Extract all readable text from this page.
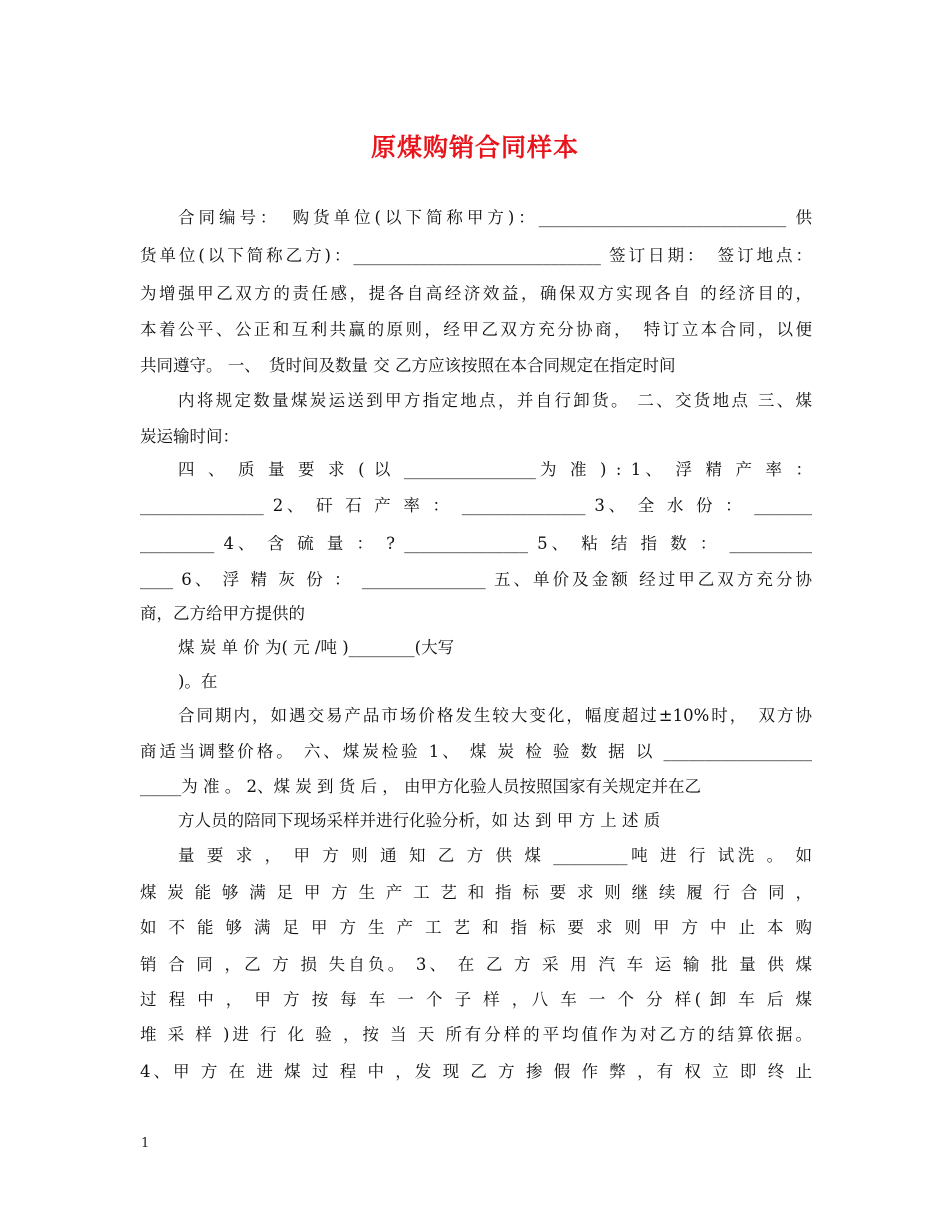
原煤购销合同样本
合同编号：　购货单位(以下简称甲方)：______________________________ 供
货单位(以下简称乙方)：______________________________ 签订日期：　签订地点：
为增强甲乙双方的责任感，提各自高经济效益，确保双方实现各自 的经济目的，
本着公平、公正和互利共赢的原则，经甲乙双方充分协商，　特订立本合同，以便
共同遵守。 一、　货时间及数量 交 乙方应该按照在本合同规定在指定时间
内将规定数量煤炭运送到甲方指定地点，并自行卸货。 二、交货地点 三、煤
炭运输时间：
四 、 质 量 要 求 ( 以 ________________为 准 ) : 1、 浮 精 产 率 ：
_______________ 2、 矸 石 产 率 ： _______________ 3、 全 水 份 ： _______
_________ 4、 含 硫 量 ： ? _______________ 5、 粘 结 指 数 ： __________
____ 6、 浮 精 灰 份 ： _______________ 五、单价及金额 经过甲乙双方充分协
商，乙方给甲方提供的
煤 炭 单 价 为( 元 /吨 )________(大写
)。在
合同期内，如遇交易产品市场价格发生较大变化，幅度超过±10%时，　双方协
商适当调整价格。 六、煤炭检验 1、 煤 炭 检 验 数 据 以 __________________
_____为 准 。 2、煤 炭 到 货 后 ， 由甲方化验人员按照国家有关规定并在乙
方人员的陪同下现场采样并进行化验分析，如 达 到 甲 方 上 述 质
量 要 求 ， 甲 方 则 通 知 乙 方 供 煤 _________吨 进 行 试洗 。 如
煤 炭 能 够 满 足 甲 方 生 产 工 艺 和 指 标 要 求 则 继 续 履 行 合 同 ，
如 不 能 够 满 足 甲 方 生 产 工 艺 和 指 标 要 求 则 甲 方 中 止 本 购
销 合 同 ，乙 方 损 失自负。 3、 在 乙 方 采 用 汽 车 运 输 批 量 供 煤
过 程 中 ， 甲 方 按 每 车 一 个 子 样 ，八 车 一 个 分 样( 卸 车 后 煤
堆 采 样 )进 行 化 验 ，按 当 天 所有分样的平均值作为对乙方的结算依据。
4、甲 方 在 进 煤 过 程 中 ，发 现 乙 方 掺 假 作 弊 ，有 权 立 即 终 止
1
